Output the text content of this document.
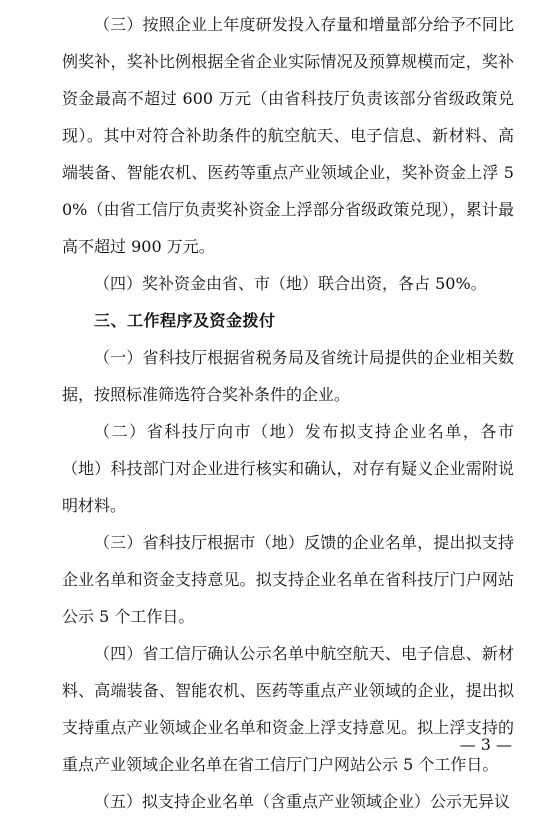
（三）按照企业上年度研发投入存量和增量部分给予不同比例奖补，奖补比例根据全省企业实际情况及预算规模而定，奖补资金最高不超过 600 万元（由省科技厅负责该部分省级政策兑现）。其中对符合补助条件的航空航天、电子信息、新材料、高端装备、智能农机、医药等重点产业领域企业，奖补资金上浮 50%（由省工信厅负责奖补资金上浮部分省级政策兑现），累计最高不超过 900 万元。

（四）奖补资金由省、市（地）联合出资，各占 50%。

三、工作程序及资金拨付

（一）省科技厅根据省税务局及省统计局提供的企业相关数据，按照标准筛选符合奖补条件的企业。

（二）省科技厅向市（地）发布拟支持企业名单，各市（地）科技部门对企业进行核实和确认，对存有疑义企业需附说明材料。

（三）省科技厅根据市（地）反馈的企业名单，提出拟支持企业名单和资金支持意见。拟支持企业名单在省科技厅门户网站公示 5 个工作日。

（四）省工信厅确认公示名单中航空航天、电子信息、新材料、高端装备、智能农机、医药等重点产业领域的企业，提出拟支持重点产业领域企业名单和资金上浮支持意见。拟上浮支持的重点产业领域企业名单在省工信厅门户网站公示 5 个工作日。

（五）拟支持企业名单（含重点产业领域企业）公示无异议

— 3 —
